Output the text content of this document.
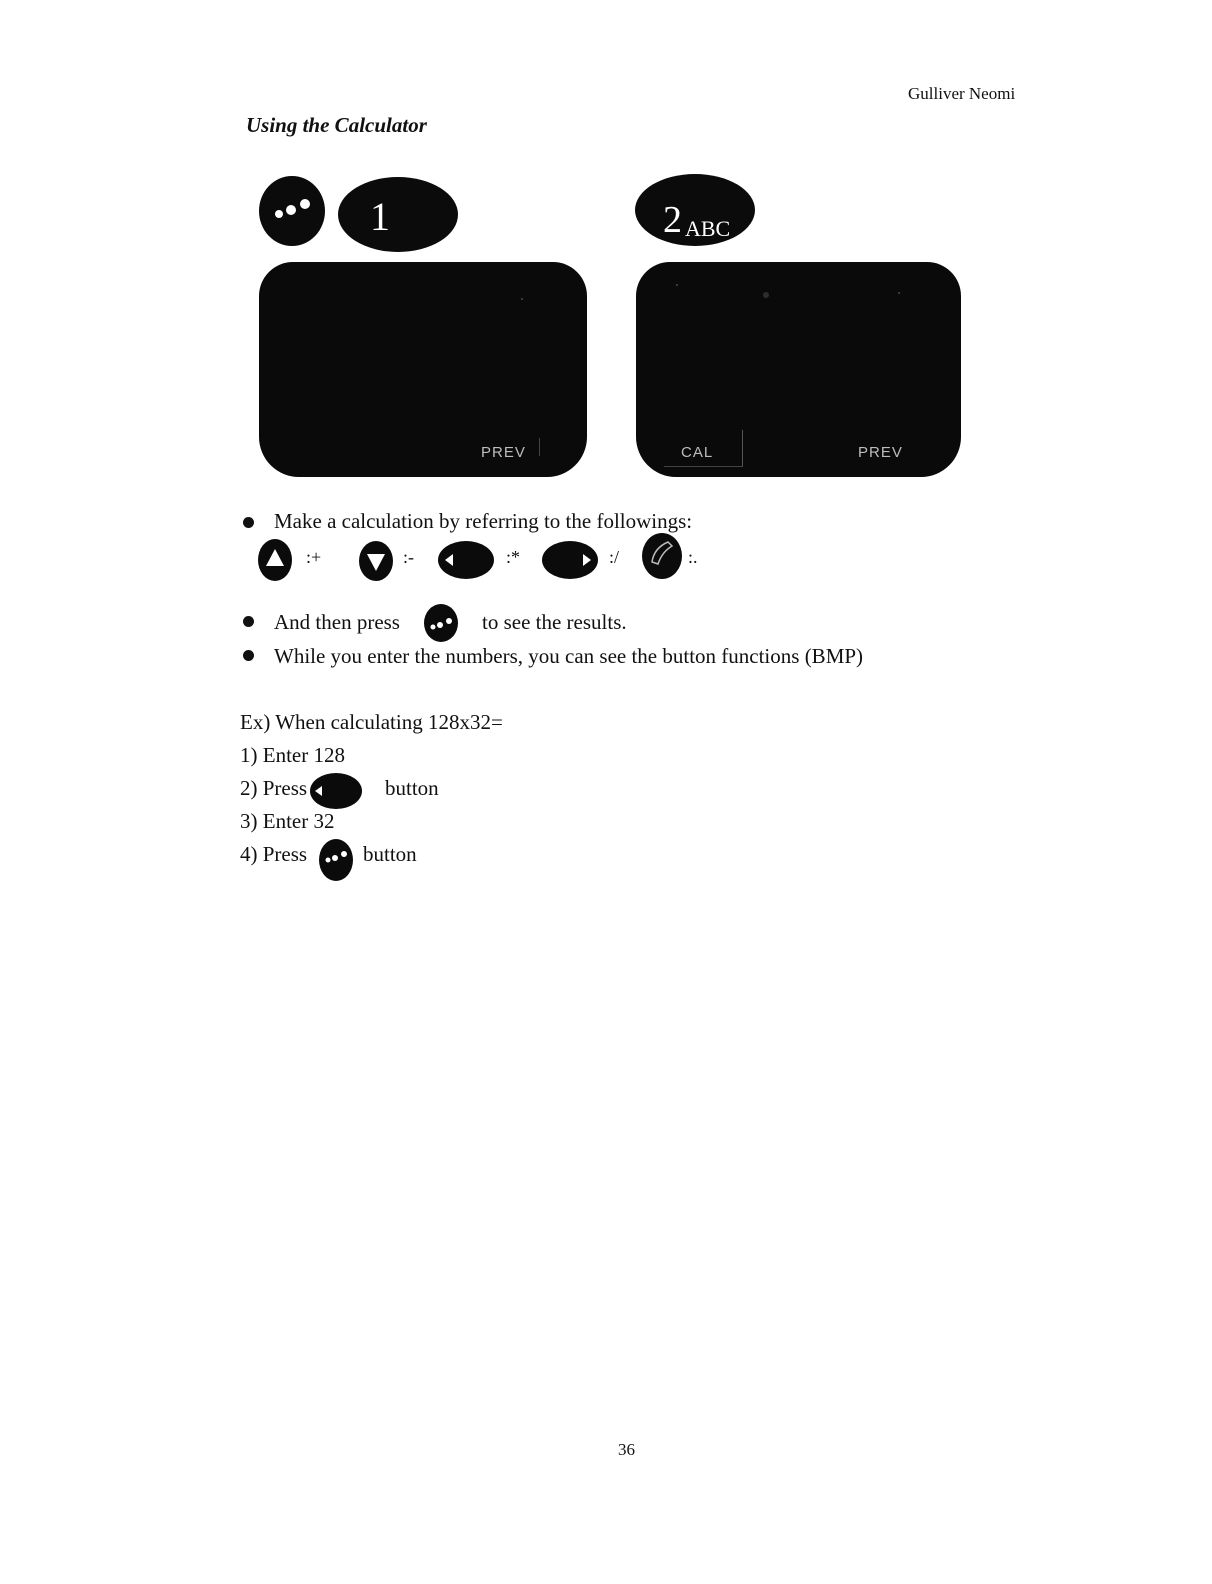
Gulliver Neomi
Using the Calculator
1	2 ABC
PREV	CAL	PREV
Make a calculation by referring to the followings:
:+	:-	:*	:/	:.
And then press	to see the results.
While you enter the numbers, you can see the button functions (BMP)
Ex) When calculating 128x32=
1) Enter 128
2) Press	button
3) Enter 32
4) Press	button
36
